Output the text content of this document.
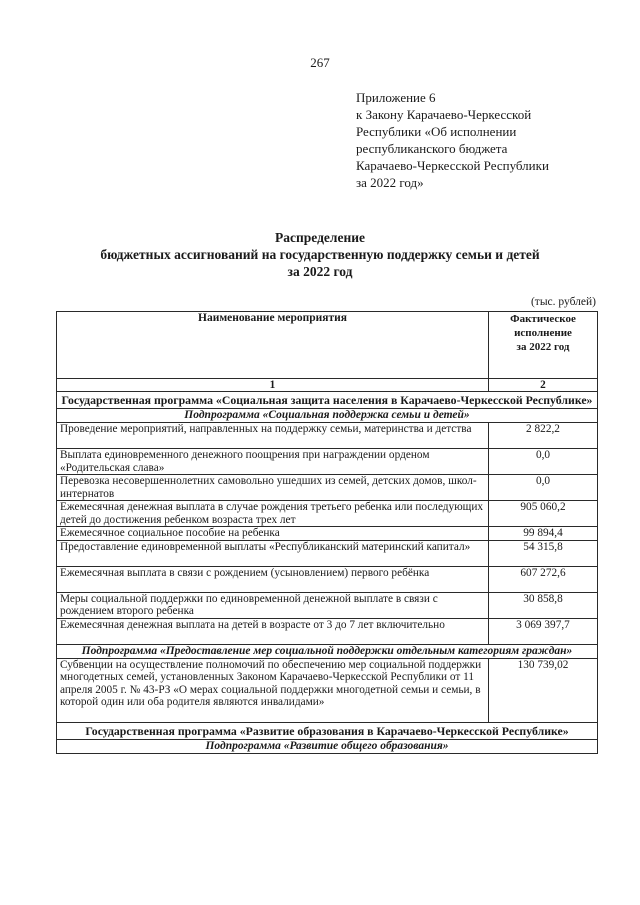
267
Приложение 6
к Закону Карачаево-Черкесской
Республики «Об исполнении
республиканского бюджета
Карачаево-Черкесской Республики
за 2022 год»
Распределение
бюджетных ассигнований на государственную поддержку семьи и детей
за 2022 год
(тыс. рублей)
Наименование мероприятия	Фактическое
исполнение
за 2022 год

1	2
Государственная программа «Социальная защита населения в Карачаево-Черкесской Республике»	
Подпрограмма «Социальная поддержка семьи и детей»	
Проведение мероприятий, направленных на поддержку семьи, материнства и детства	2 822,2
Выплата единовременного денежного поощрения при награждении орденом «Родительская слава»	0,0
Перевозка несовершеннолетних самовольно ушедших из семей, детских домов, школ-интернатов	0,0
Ежемесячная денежная выплата в случае рождения третьего ребенка или последующих детей до достижения ребенком возраста трех лет	905 060,2
Ежемесячное социальное пособие на ребенка	99 894,4
Предоставление единовременной выплаты «Республиканский материнский капитал»	54 315,8
Ежемесячная выплата в связи с рождением (усыновлением) первого ребёнка	607 272,6
Меры социальной поддержки по единовременной денежной выплате в связи с рождением второго ребенка	30 858,8
Ежемесячная денежная выплата на детей в возрасте от 3 до 7 лет включительно	3 069 397,7
Подпрограмма «Предоставление мер социальной поддержки отдельным категориям граждан»	
Субвенции на осуществление полномочий по обеспечению мер социальной поддержки многодетных семей, установленных Законом Карачаево-Черкесской Республики от 11 апреля 2005 г. № 43-РЗ «О мерах социальной поддержки многодетной семьи и семьи, в которой один или оба родителя являются инвалидами»	130 739,02
Государственная программа «Развитие образования в Карачаево-Черкесской Республике»	
Подпрограмма «Развитие общего образования»	
